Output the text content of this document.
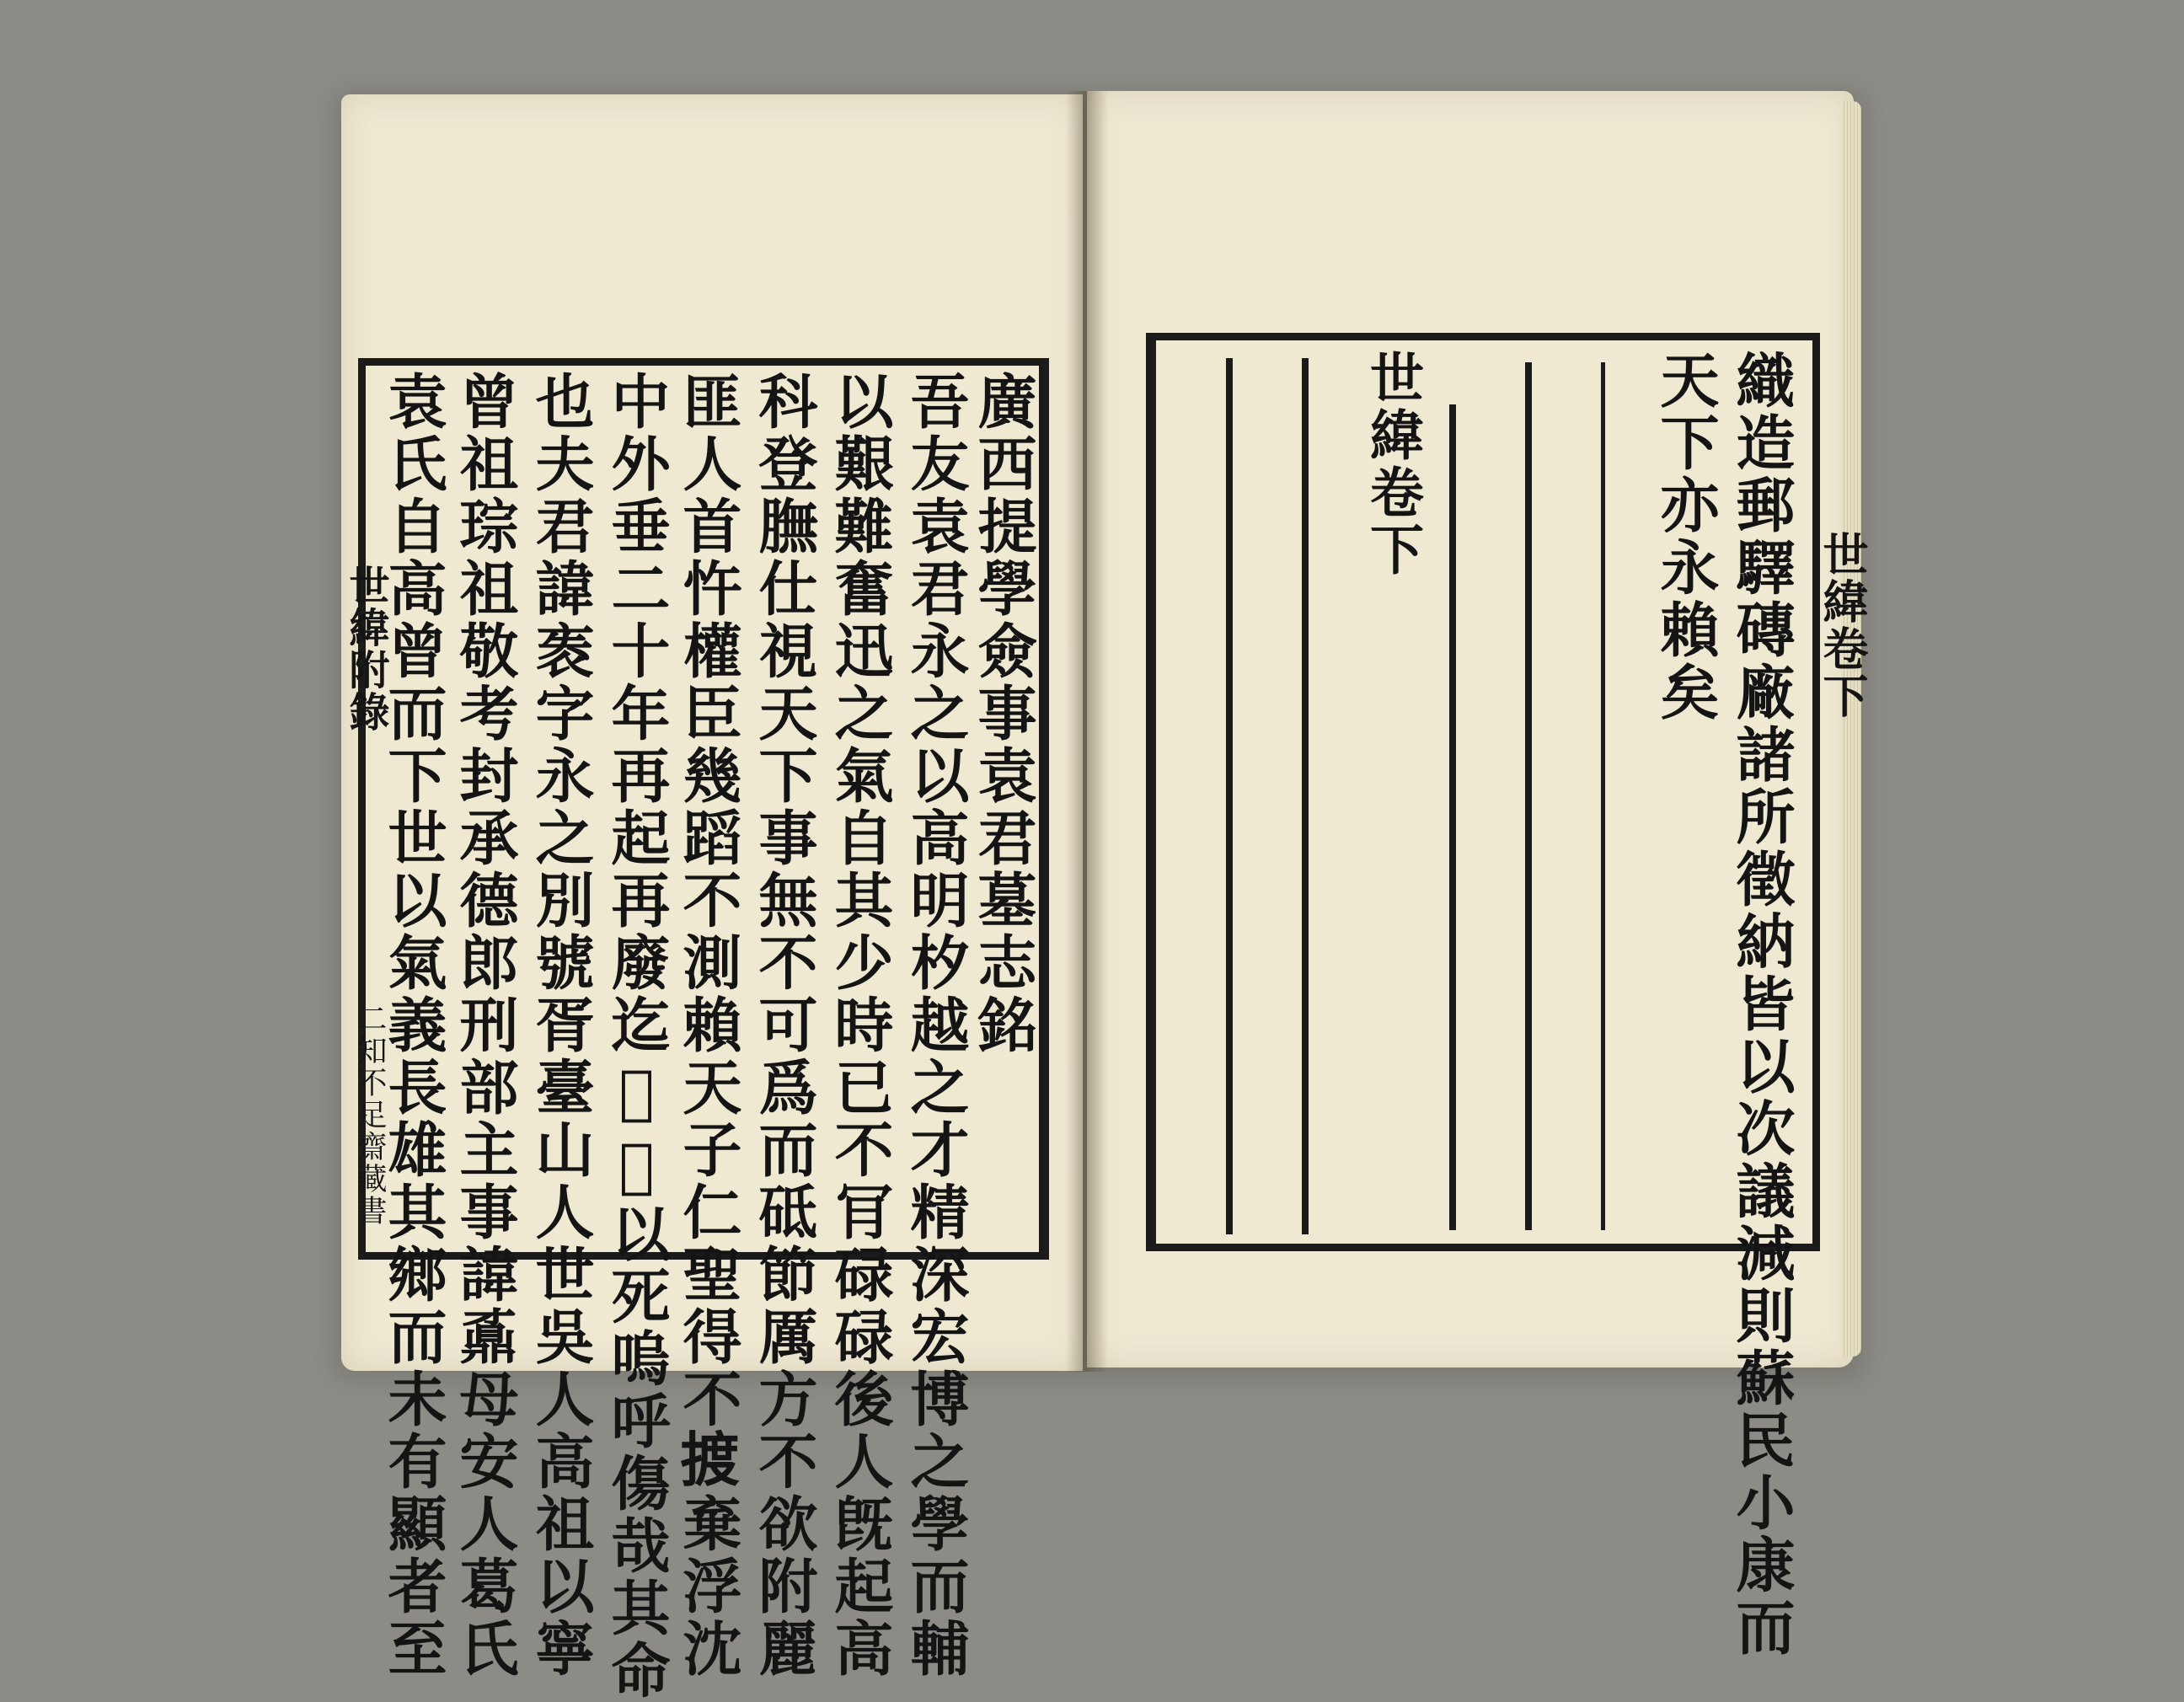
世緯附錄
二知不足齋藏書
廣西提學僉事袁君墓志銘
吾友袁君永之以高明𣏐越之才精深宏博之學而輔
以艱難奮迅之氣自其少時已不肎碌碌後人旣起高
科登膴仕視天下事無不可爲而砥節厲方不欲附麗
匪人首忤權臣幾蹈不測賴天子仁聖得不𢱋棄浮沈
中外垂二十年再起再廢迄𬄼𧶼以死嗚呼傷哉其命
也夫君諱袠字永之別號胥臺山人世吳人高祖以寧
曾祖琮祖敬考封承德郎刑部主事諱鼒母安人葛氏
袁氏自高曾而下世以氣義長雄其鄉而未有顯者至	世緯卷下
織造郵驛磚廠諸所徵納皆以次議減則蘇民小康而
天下亦永賴矣
世緯卷下
